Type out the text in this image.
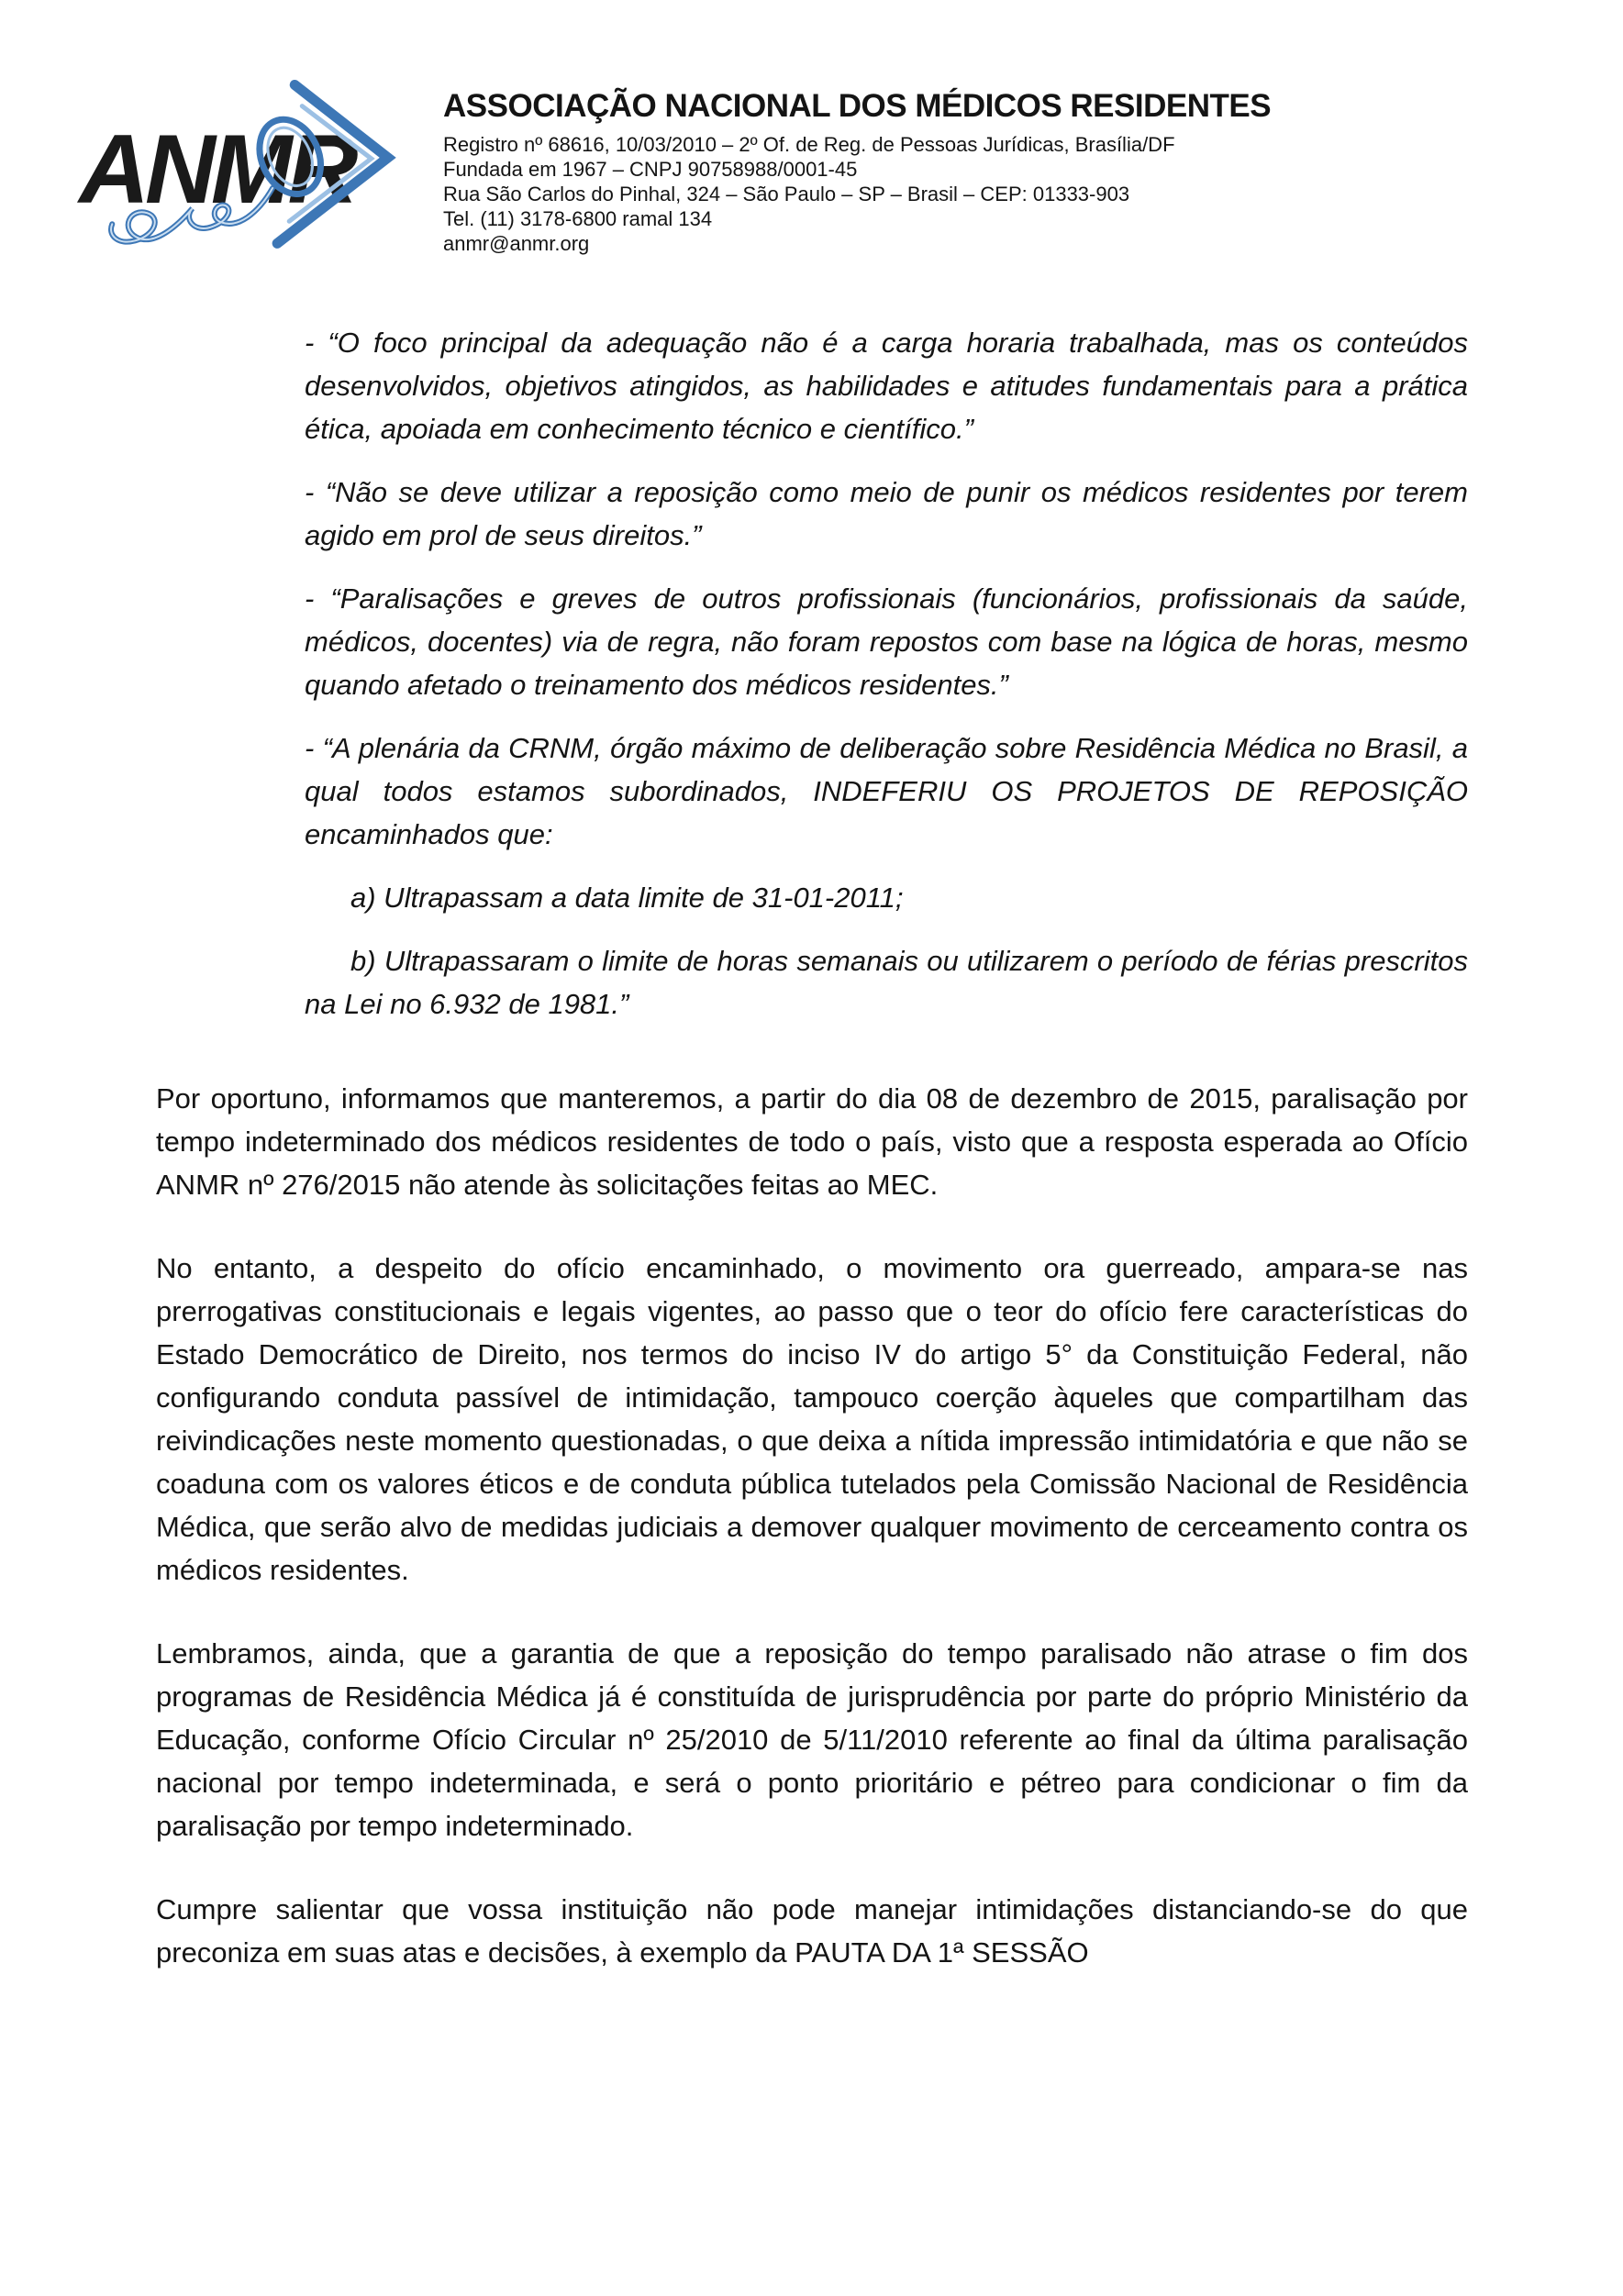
ANMR
ASSOCIAÇÃO NACIONAL DOS MÉDICOS RESIDENTES
Registro nº 68616, 10/03/2010 – 2º Of. de Reg. de Pessoas Jurídicas, Brasília/DF
Fundada em 1967 – CNPJ 90758988/0001-45
Rua São Carlos do Pinhal, 324 – São Paulo – SP – Brasil – CEP: 01333-903
Tel. (11) 3178-6800 ramal 134
anmr@anmr.org

- “O foco principal da adequação não é a carga horaria trabalhada, mas os conteúdos desenvolvidos, objetivos atingidos, as habilidades e atitudes fundamentais para a prática ética, apoiada em conhecimento técnico e científico.”

- “Não se deve utilizar a reposição como meio de punir os médicos residentes por terem agido em prol de seus direitos.”

- “Paralisações e greves de outros profissionais (funcionários, profissionais da saúde, médicos, docentes) via de regra, não foram repostos com base na lógica de horas, mesmo quando afetado o treinamento dos médicos residentes.”

- “A plenária da CRNM, órgão máximo de deliberação sobre Residência Médica no Brasil, a qual todos estamos subordinados, INDEFERIU OS PROJETOS DE REPOSIÇÃO encaminhados que:

a) Ultrapassam a data limite de 31-01-2011;

b) Ultrapassaram o limite de horas semanais ou utilizarem o período de férias prescritos na Lei no 6.932 de 1981.”

Por oportuno, informamos que manteremos, a partir do dia 08 de dezembro de 2015, paralisação por tempo indeterminado dos médicos residentes de todo o país, visto que a resposta esperada ao Ofício ANMR nº 276/2015 não atende às solicitações feitas ao MEC.

No entanto, a despeito do ofício encaminhado, o movimento ora guerreado, ampara-se nas prerrogativas constitucionais e legais vigentes, ao passo que o teor do ofício fere características do Estado Democrático de Direito, nos termos do inciso IV do artigo 5° da Constituição Federal, não configurando conduta passível de intimidação, tampouco coerção àqueles que compartilham das reivindicações neste momento questionadas, o que deixa a nítida impressão intimidatória e que não se coaduna com os valores éticos e de conduta pública tutelados pela Comissão Nacional de Residência Médica, que serão alvo de medidas judiciais a demover qualquer movimento de cerceamento contra os médicos residentes.

Lembramos, ainda, que a garantia de que a reposição do tempo paralisado não atrase o fim dos programas de Residência Médica já é constituída de jurisprudência por parte do próprio Ministério da Educação, conforme Ofício Circular nº 25/2010 de 5/11/2010 referente ao final da última paralisação nacional por tempo indeterminada, e será o ponto prioritário e pétreo para condicionar o fim da paralisação por tempo indeterminado.

Cumpre salientar que vossa instituição não pode manejar intimidações distanciando-se do que preconiza em suas atas e decisões, à exemplo da PAUTA DA 1ª SESSÃO
